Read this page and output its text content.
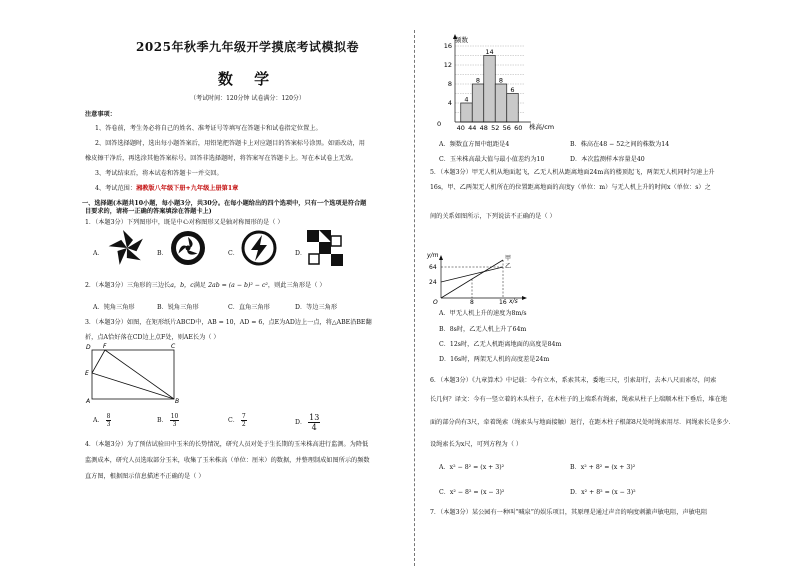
2025年秋季九年级开学摸底考试模拟卷
数 学
（考试时间：120分钟 试卷满分：120分）
注意事项：
1、答卷前，考生务必将自己的姓名、准考证号等填写在答题卡和试卷指定位置上。
2、回答选择题时，选出每小题答案后，用铅笔把答题卡上对应题目的答案标号涂黑。如需改动，用
橡皮擦干净后，再选涂其他答案标号。回答非选择题时，将答案写在答题卡上。写在本试卷上无效。
3、考试结束后，将本试卷和答题卡一并交回。
4、考试范围：湘教版八年级下册+九年级上册第1章
一、选择题(本题共10小题，每小题3分，共30分。在每小题给出的四个选项中，只有一个选项是符合题
目要求的，请将一正确的答案填涂在答题卡上)
1．（本题3分）下列图形中，既是中心对称图形又是轴对称图形的是（ ）
A．	B．	C．	D．
2．（本题3分）三角形的三边长a，b，c满足 2ab = (a − b)² − c²，则此三角形是（ ）
A．钝角三角形	B．锐角三角形	C．直角三角形	D．等边三角形
3．（本题3分）如图，在矩形纸片ABCD中，AB = 10，AD = 6，点E为AD边上一点，将△ABE沿BE翻
折，点A恰好落在CD边上点F处，则AE长为（ ）
D F	C
E
A	B
A． $\frac{8}{3}$	B． $\frac{10}{3}$	C． $\frac{7}{2}$	D． $\frac{13}{4}$
4．（本题3分）为了预估试验田中玉米的长势情况，研究人员对处于生长期的玉米株高进行监测。为降低
监测成本，研究人员选取部分玉米，收集了玉米株高（单位：厘米）的数据，并整理制成如图所示的频数
直方图，根据图示信息描述不正确的是（ ）
4
8
14
8
6
4
8
12
16
40 44 48 52 56 60
频数
株高/cm
0
A．频数直方图中组距是4	B．株高在48 − 52之间的株数为14
C．玉米株高最大值与最小值差约为10	D．本次监测样本容量是40
5．（本题3分）甲无人机从地面起飞，乙无人机从距离地面24m高的楼顶起飞，两架无人机同时匀速上升
16s，甲、乙两架无人机所在的位置距离地面的高度y（单位：m）与无人机上升的时间x（单位：s）之
间的关系如图所示，下列说法不正确的是（ ）
y/m
x/s
O
64
24
8	16
甲
乙
A．甲无人机上升的速度为8m/s
B．8s时，乙无人机上升了64m
C．12s时，乙无人机距离地面的高度是84m
D．16s时，两架无人机的高度差是24m
6．（本题3分）《九章算术》中记载：今有立木，系索其末，委地三尺，引索却行，去本八尺而索尽，问索
长几何？译文：今有一竖立着的木头柱子，在木柱子的上端系有绳索，绳索从柱子上端顺木柱下垂后，堆在地
面的部分尚有3尺，牵着绳索（绳索头与地面接触）退行，在距木柱子根部8尺处时绳索用尽．问绳索长是多少．
设绳索长为x尺，可列方程为（ ）
A．x² − 8² = (x + 3)²	B．x² + 8² = (x + 3)²
C．x² − 8² = (x − 3)²	D．x² + 8² = (x − 3)²
7．（本题3分）某公园有一种叫“喊泉”的娱乐项目，其原理是通过声音的响度刺激声敏电阻，声敏电阻
